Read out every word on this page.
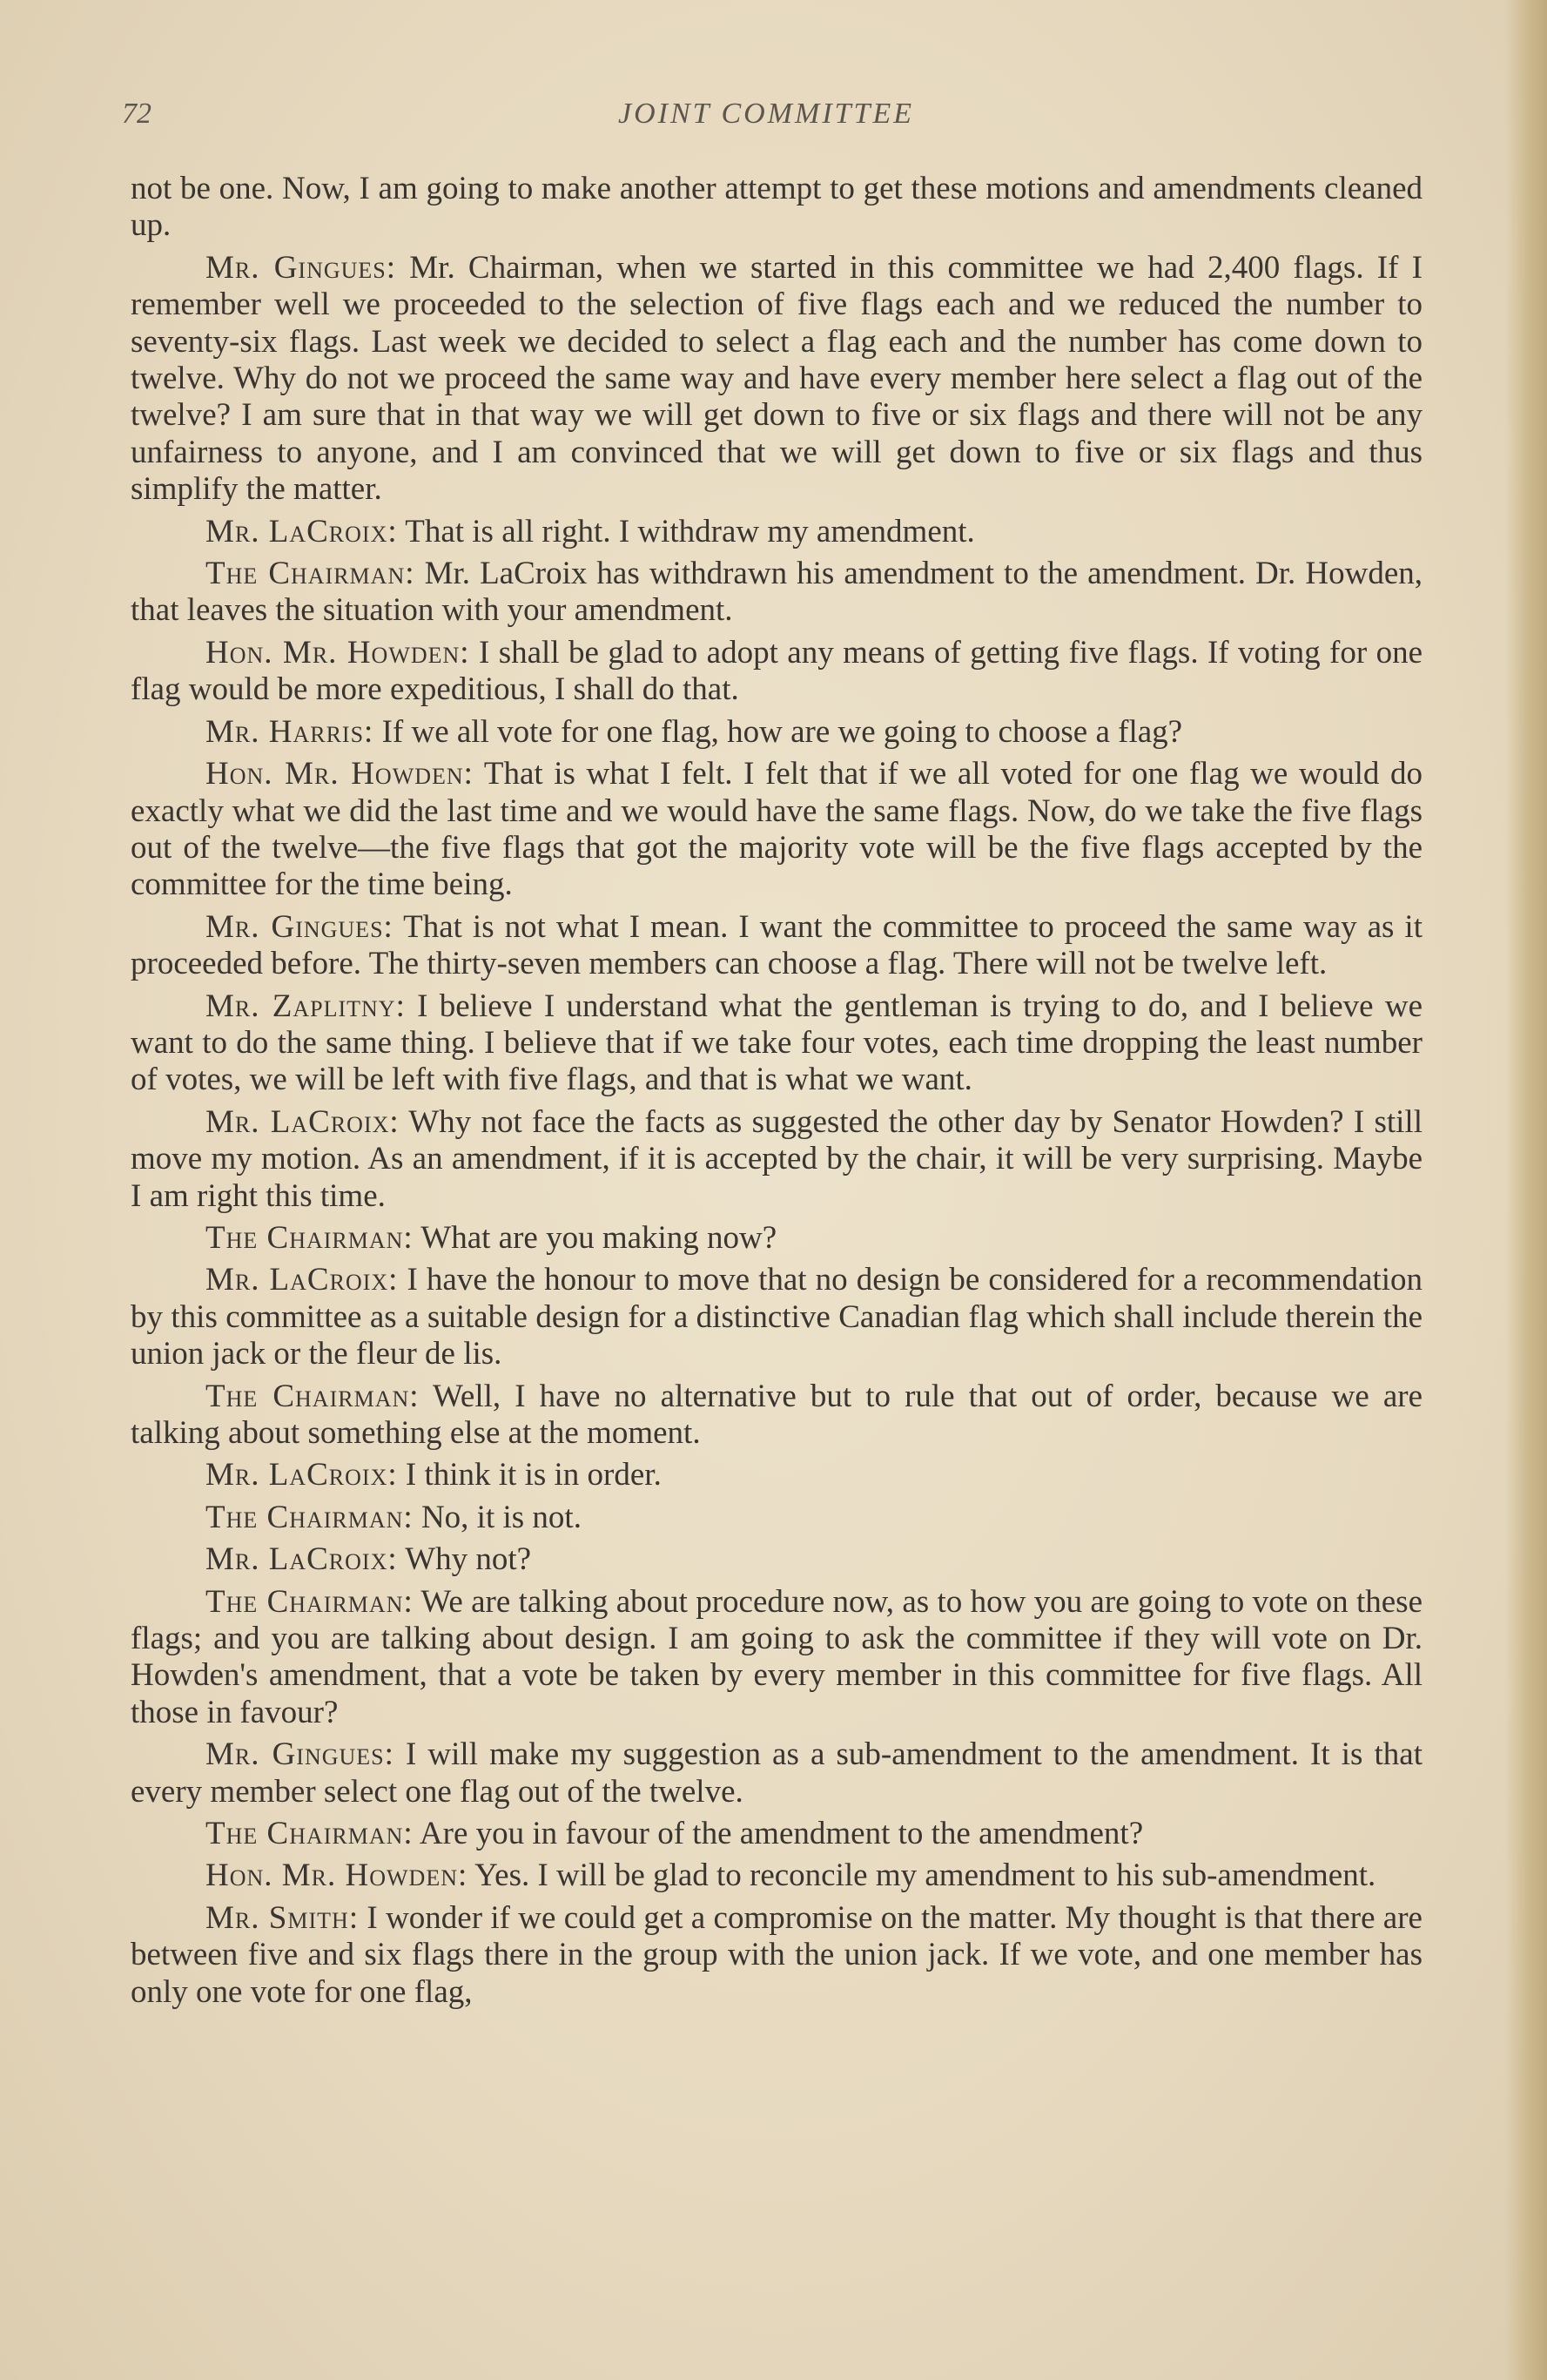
72	JOINT COMMITTEE

not be one. Now, I am going to make another attempt to get these motions and amendments cleaned up.

Mr. Gingues: Mr. Chairman, when we started in this committee we had 2,400 flags. If I remember well we proceeded to the selection of five flags each and we reduced the number to seventy-six flags. Last week we decided to select a flag each and the number has come down to twelve. Why do not we proceed the same way and have every member here select a flag out of the twelve? I am sure that in that way we will get down to five or six flags and there will not be any unfairness to anyone, and I am convinced that we will get down to five or six flags and thus simplify the matter.

Mr. LaCroix: That is all right. I withdraw my amendment.

The Chairman: Mr. LaCroix has withdrawn his amendment to the amendment. Dr. Howden, that leaves the situation with your amendment.

Hon. Mr. Howden: I shall be glad to adopt any means of getting five flags. If voting for one flag would be more expeditious, I shall do that.

Mr. Harris: If we all vote for one flag, how are we going to choose a flag?

Hon. Mr. Howden: That is what I felt. I felt that if we all voted for one flag we would do exactly what we did the last time and we would have the same flags. Now, do we take the five flags out of the twelve—the five flags that got the majority vote will be the five flags accepted by the committee for the time being.

Mr. Gingues: That is not what I mean. I want the committee to proceed the same way as it proceeded before. The thirty-seven members can choose a flag. There will not be twelve left.

Mr. Zaplitny: I believe I understand what the gentleman is trying to do, and I believe we want to do the same thing. I believe that if we take four votes, each time dropping the least number of votes, we will be left with five flags, and that is what we want.

Mr. LaCroix: Why not face the facts as suggested the other day by Senator Howden? I still move my motion. As an amendment, if it is accepted by the chair, it will be very surprising. Maybe I am right this time.

The Chairman: What are you making now?

Mr. LaCroix: I have the honour to move that no design be considered for a recommendation by this committee as a suitable design for a distinctive Canadian flag which shall include therein the union jack or the fleur de lis.

The Chairman: Well, I have no alternative but to rule that out of order, because we are talking about something else at the moment.

Mr. LaCroix: I think it is in order.

The Chairman: No, it is not.

Mr. LaCroix: Why not?

The Chairman: We are talking about procedure now, as to how you are going to vote on these flags; and you are talking about design. I am going to ask the committee if they will vote on Dr. Howden's amendment, that a vote be taken by every member in this committee for five flags. All those in favour?

Mr. Gingues: I will make my suggestion as a sub-amendment to the amendment. It is that every member select one flag out of the twelve.

The Chairman: Are you in favour of the amendment to the amendment?

Hon. Mr. Howden: Yes. I will be glad to reconcile my amendment to his sub-amendment.

Mr. Smith: I wonder if we could get a compromise on the matter. My thought is that there are between five and six flags there in the group with the union jack. If we vote, and one member has only one vote for one flag,
